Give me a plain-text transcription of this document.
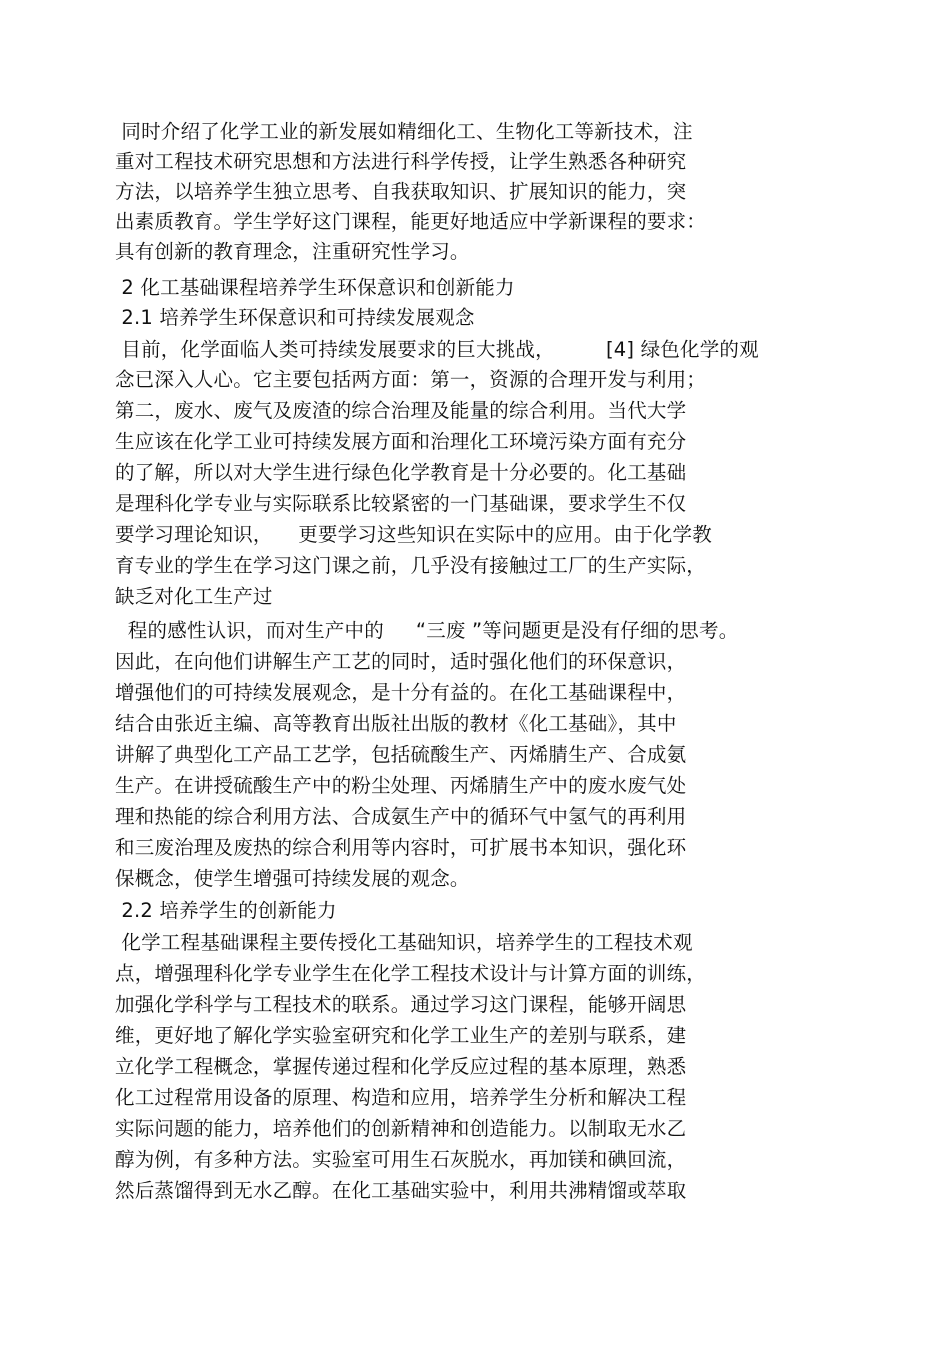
同时介绍了化学工业的新发展如精细化工、生物化工等新技术，注
重对工程技术研究思想和方法进行科学传授，让学生熟悉各种研究
方法，以培养学生独立思考、自我获取知识、扩展知识的能力，突
出素质教育。学生学好这门课程，能更好地适应中学新课程的要求：
具有创新的教育理念，注重研究性学习。
2 化工基础课程培养学生环保意识和创新能力
2.1 培养学生环保意识和可持续发展观念
目前，化学面临人类可持续发展要求的巨大挑战，        [4] 绿色化学的观
念已深入人心。它主要包括两方面：第一，资源的合理开发与利用；
第二，废水、废气及废渣的综合治理及能量的综合利用。当代大学
生应该在化学工业可持续发展方面和治理化工环境污染方面有充分
的了解，所以对大学生进行绿色化学教育是十分必要的。化工基础
是理科化学专业与实际联系比较紧密的一门基础课，要求学生不仅
要学习理论知识，    更要学习这些知识在实际中的应用。由于化学教
育专业的学生在学习这门课之前，几乎没有接触过工厂的生产实际，
缺乏对化工生产过
程的感性认识，而对生产中的     “三废 ”等问题更是没有仔细的思考。
因此，在向他们讲解生产工艺的同时，适时强化他们的环保意识，
增强他们的可持续发展观念，是十分有益的。在化工基础课程中，
结合由张近主编、高等教育出版社出版的教材《化工基础》，其中
讲解了典型化工产品工艺学，包括硫酸生产、丙烯腈生产、合成氨
生产。在讲授硫酸生产中的粉尘处理、丙烯腈生产中的废水废气处
理和热能的综合利用方法、合成氨生产中的循环气中氢气的再利用
和三废治理及废热的综合利用等内容时，可扩展书本知识，强化环
保概念，使学生增强可持续发展的观念。
2.2 培养学生的创新能力
化学工程基础课程主要传授化工基础知识，培养学生的工程技术观
点，增强理科化学专业学生在化学工程技术设计与计算方面的训练，
加强化学科学与工程技术的联系。通过学习这门课程，能够开阔思
维，更好地了解化学实验室研究和化学工业生产的差别与联系，建
立化学工程概念，掌握传递过程和化学反应过程的基本原理，熟悉
化工过程常用设备的原理、构造和应用，培养学生分析和解决工程
实际问题的能力，培养他们的创新精神和创造能力。以制取无水乙
醇为例，有多种方法。实验室可用生石灰脱水，再加镁和碘回流，
然后蒸馏得到无水乙醇。在化工基础实验中，利用共沸精馏或萃取
